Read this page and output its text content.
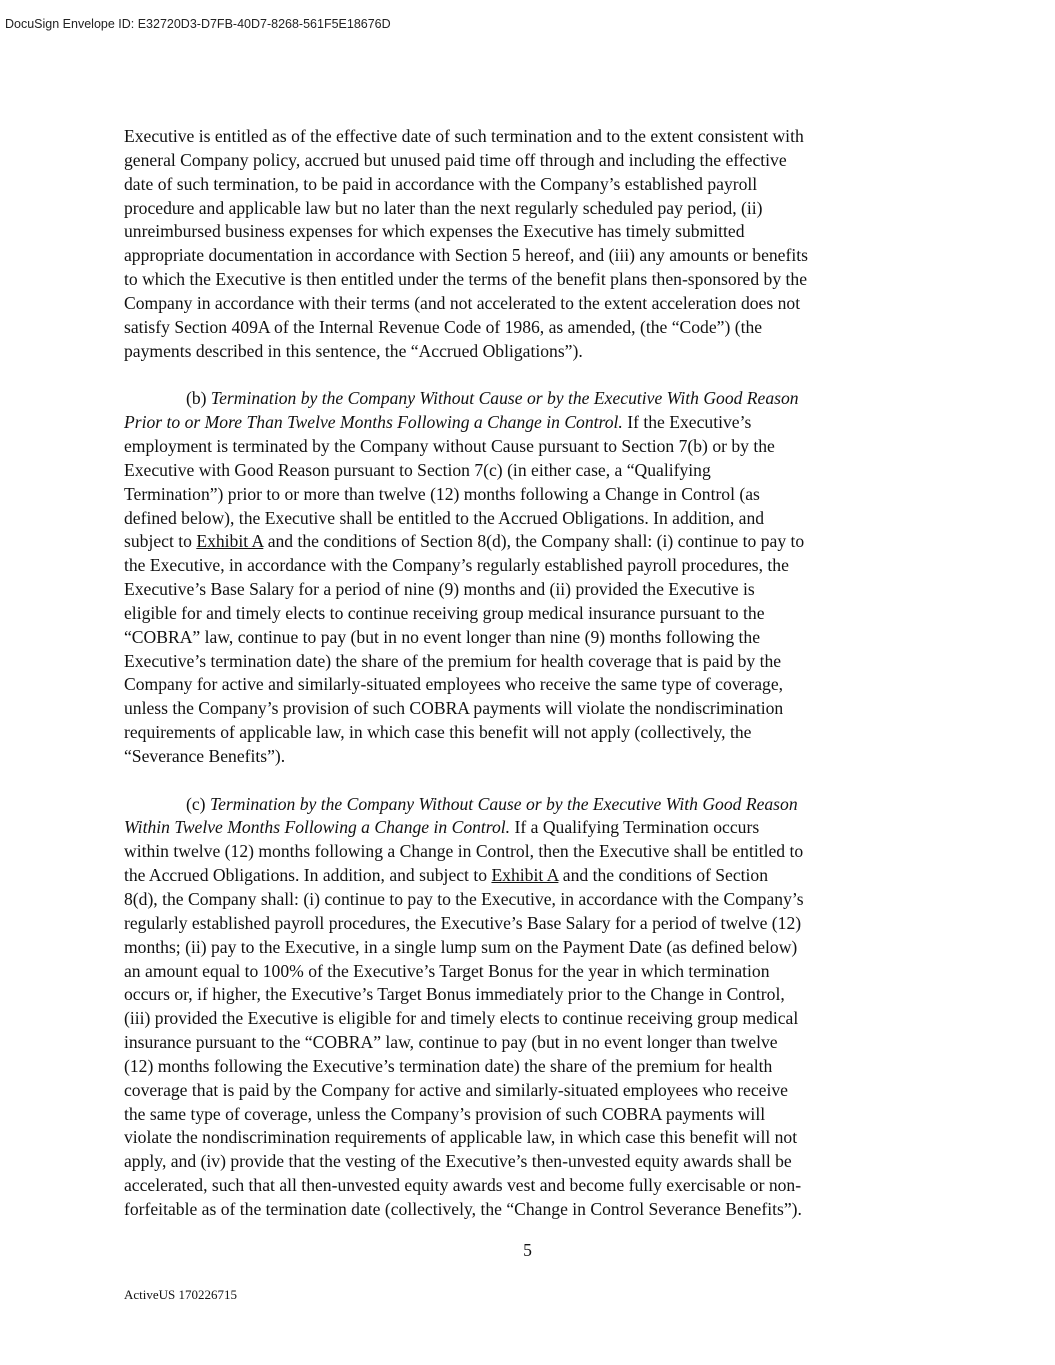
DocuSign Envelope ID: E32720D3-D7FB-40D7-8268-561F5E18676D
Executive is entitled as of the effective date of such termination and to the extent consistent with
general Company policy, accrued but unused paid time off through and including the effective
date of such termination, to be paid in accordance with the Company’s established payroll
procedure and applicable law but no later than the next regularly scheduled pay period, (ii)
unreimbursed business expenses for which expenses the Executive has timely submitted
appropriate documentation in accordance with Section 5 hereof, and (iii) any amounts or benefits
to which the Executive is then entitled under the terms of the benefit plans then-sponsored by the
Company in accordance with their terms (and not accelerated to the extent acceleration does not
satisfy Section 409A of the Internal Revenue Code of 1986, as amended, (the “Code”) (the
payments described in this sentence, the “Accrued Obligations”).
(b) Termination by the Company Without Cause or by the Executive With Good Reason
Prior to or More Than Twelve Months Following a Change in Control. If the Executive’s
employment is terminated by the Company without Cause pursuant to Section 7(b) or by the
Executive with Good Reason pursuant to Section 7(c) (in either case, a “Qualifying
Termination”) prior to or more than twelve (12) months following a Change in Control (as
defined below), the Executive shall be entitled to the Accrued Obligations. In addition, and
subject to Exhibit A and the conditions of Section 8(d), the Company shall: (i) continue to pay to
the Executive, in accordance with the Company’s regularly established payroll procedures, the
Executive’s Base Salary for a period of nine (9) months and (ii) provided the Executive is
eligible for and timely elects to continue receiving group medical insurance pursuant to the
“COBRA” law, continue to pay (but in no event longer than nine (9) months following the
Executive’s termination date) the share of the premium for health coverage that is paid by the
Company for active and similarly-situated employees who receive the same type of coverage,
unless the Company’s provision of such COBRA payments will violate the nondiscrimination
requirements of applicable law, in which case this benefit will not apply (collectively, the
“Severance Benefits”).
(c) Termination by the Company Without Cause or by the Executive With Good Reason
Within Twelve Months Following a Change in Control. If a Qualifying Termination occurs
within twelve (12) months following a Change in Control, then the Executive shall be entitled to
the Accrued Obligations. In addition, and subject to Exhibit A and the conditions of Section
8(d), the Company shall: (i) continue to pay to the Executive, in accordance with the Company’s
regularly established payroll procedures, the Executive’s Base Salary for a period of twelve (12)
months; (ii) pay to the Executive, in a single lump sum on the Payment Date (as defined below)
an amount equal to 100% of the Executive’s Target Bonus for the year in which termination
occurs or, if higher, the Executive’s Target Bonus immediately prior to the Change in Control,
(iii) provided the Executive is eligible for and timely elects to continue receiving group medical
insurance pursuant to the “COBRA” law, continue to pay (but in no event longer than twelve
(12) months following the Executive’s termination date) the share of the premium for health
coverage that is paid by the Company for active and similarly-situated employees who receive
the same type of coverage, unless the Company’s provision of such COBRA payments will
violate the nondiscrimination requirements of applicable law, in which case this benefit will not
apply, and (iv) provide that the vesting of the Executive’s then-unvested equity awards shall be
accelerated, such that all then-unvested equity awards vest and become fully exercisable or non-
forfeitable as of the termination date (collectively, the “Change in Control Severance Benefits”).
5
ActiveUS 170226715
